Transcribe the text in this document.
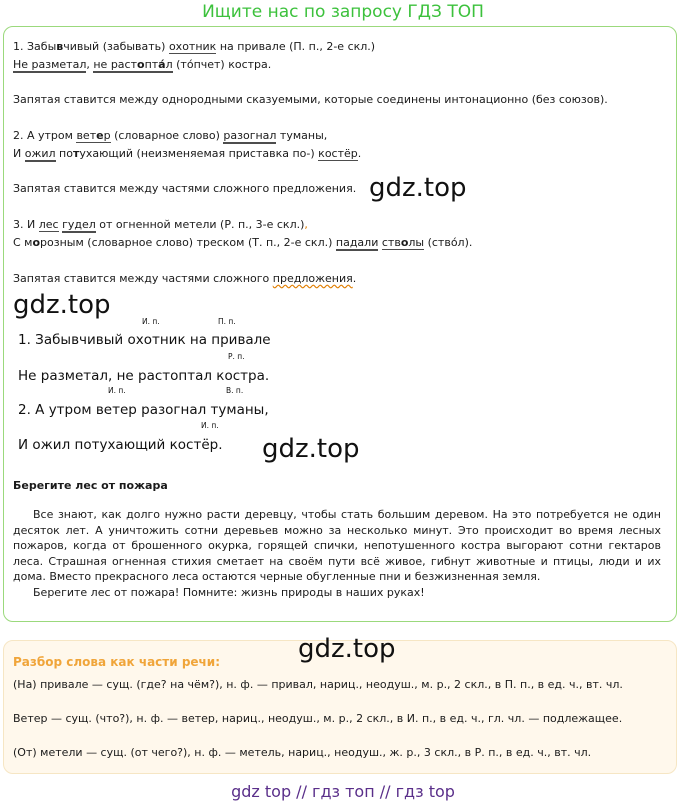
Ищите нас по запросу ГДЗ ТОП
1. Забывчивый (забывать) охотник на привале (П. п., 2-е скл.)
Не разметал, не растопта́л (то́пчет) костра.
Запятая ставится между однородными сказуемыми, которые соединены интонационно (без союзов).
2. А утром ветер (словарное слово) разогнал туманы,
И ожил потухающий (неизменяемая приставка по-) костёр.
Запятая ставится между частями сложного предложения.
3. И лес гудел от огненной метели (Р. п., 3-е скл.),
С морозным (словарное слово) треском (Т. п., 2-е скл.) падали стволы (ство́л).
Запятая ставится между частями сложного предложения.
И. п.	П. п.
1. Забывчивый охотник на привале
Р. п.
Не разметал, не растоптал костра.
И. п.	В. п.
2. А утром ветер разогнал туманы,
И. п.
И ожил потухающий костёр.
Берегите лес от пожара

Все знают, как долго нужно расти деревцу, чтобы стать большим деревом. На это потребуется не один десяток лет. А уничтожить сотни деревьев можно за несколько минут. Это происходит во время лесных пожаров, когда от брошенного окурка, горящей спички, непотушенного костра выгорают сотни гектаров леса. Страшная огненная стихия сметает на своём пути всё живое, гибнут животные и птицы, люди и их дома. Вместо прекрасного леса остаются черные обугленные пни и безжизненная земля.

Берегите лес от пожара! Помните: жизнь природы в наших руках!

gdz.top
gdz.top
gdz.top
Разбор слова как части речи:
(На) привале — сущ. (где? на чём?), н. ф. — привал, нариц., неодуш., м. р., 2 скл., в П. п., в ед. ч., вт. чл.
Ветер — сущ. (что?), н. ф. — ветер, нариц., неодуш., м. р., 2 скл., в И. п., в ед. ч., гл. чл. — подлежащее.
(От) метели — сущ. (от чего?), н. ф. — метель, нариц., неодуш., ж. р., 3 скл., в Р. п., в ед. ч., вт. чл.
gdz.top
gdz top // гдз топ // гдз top
